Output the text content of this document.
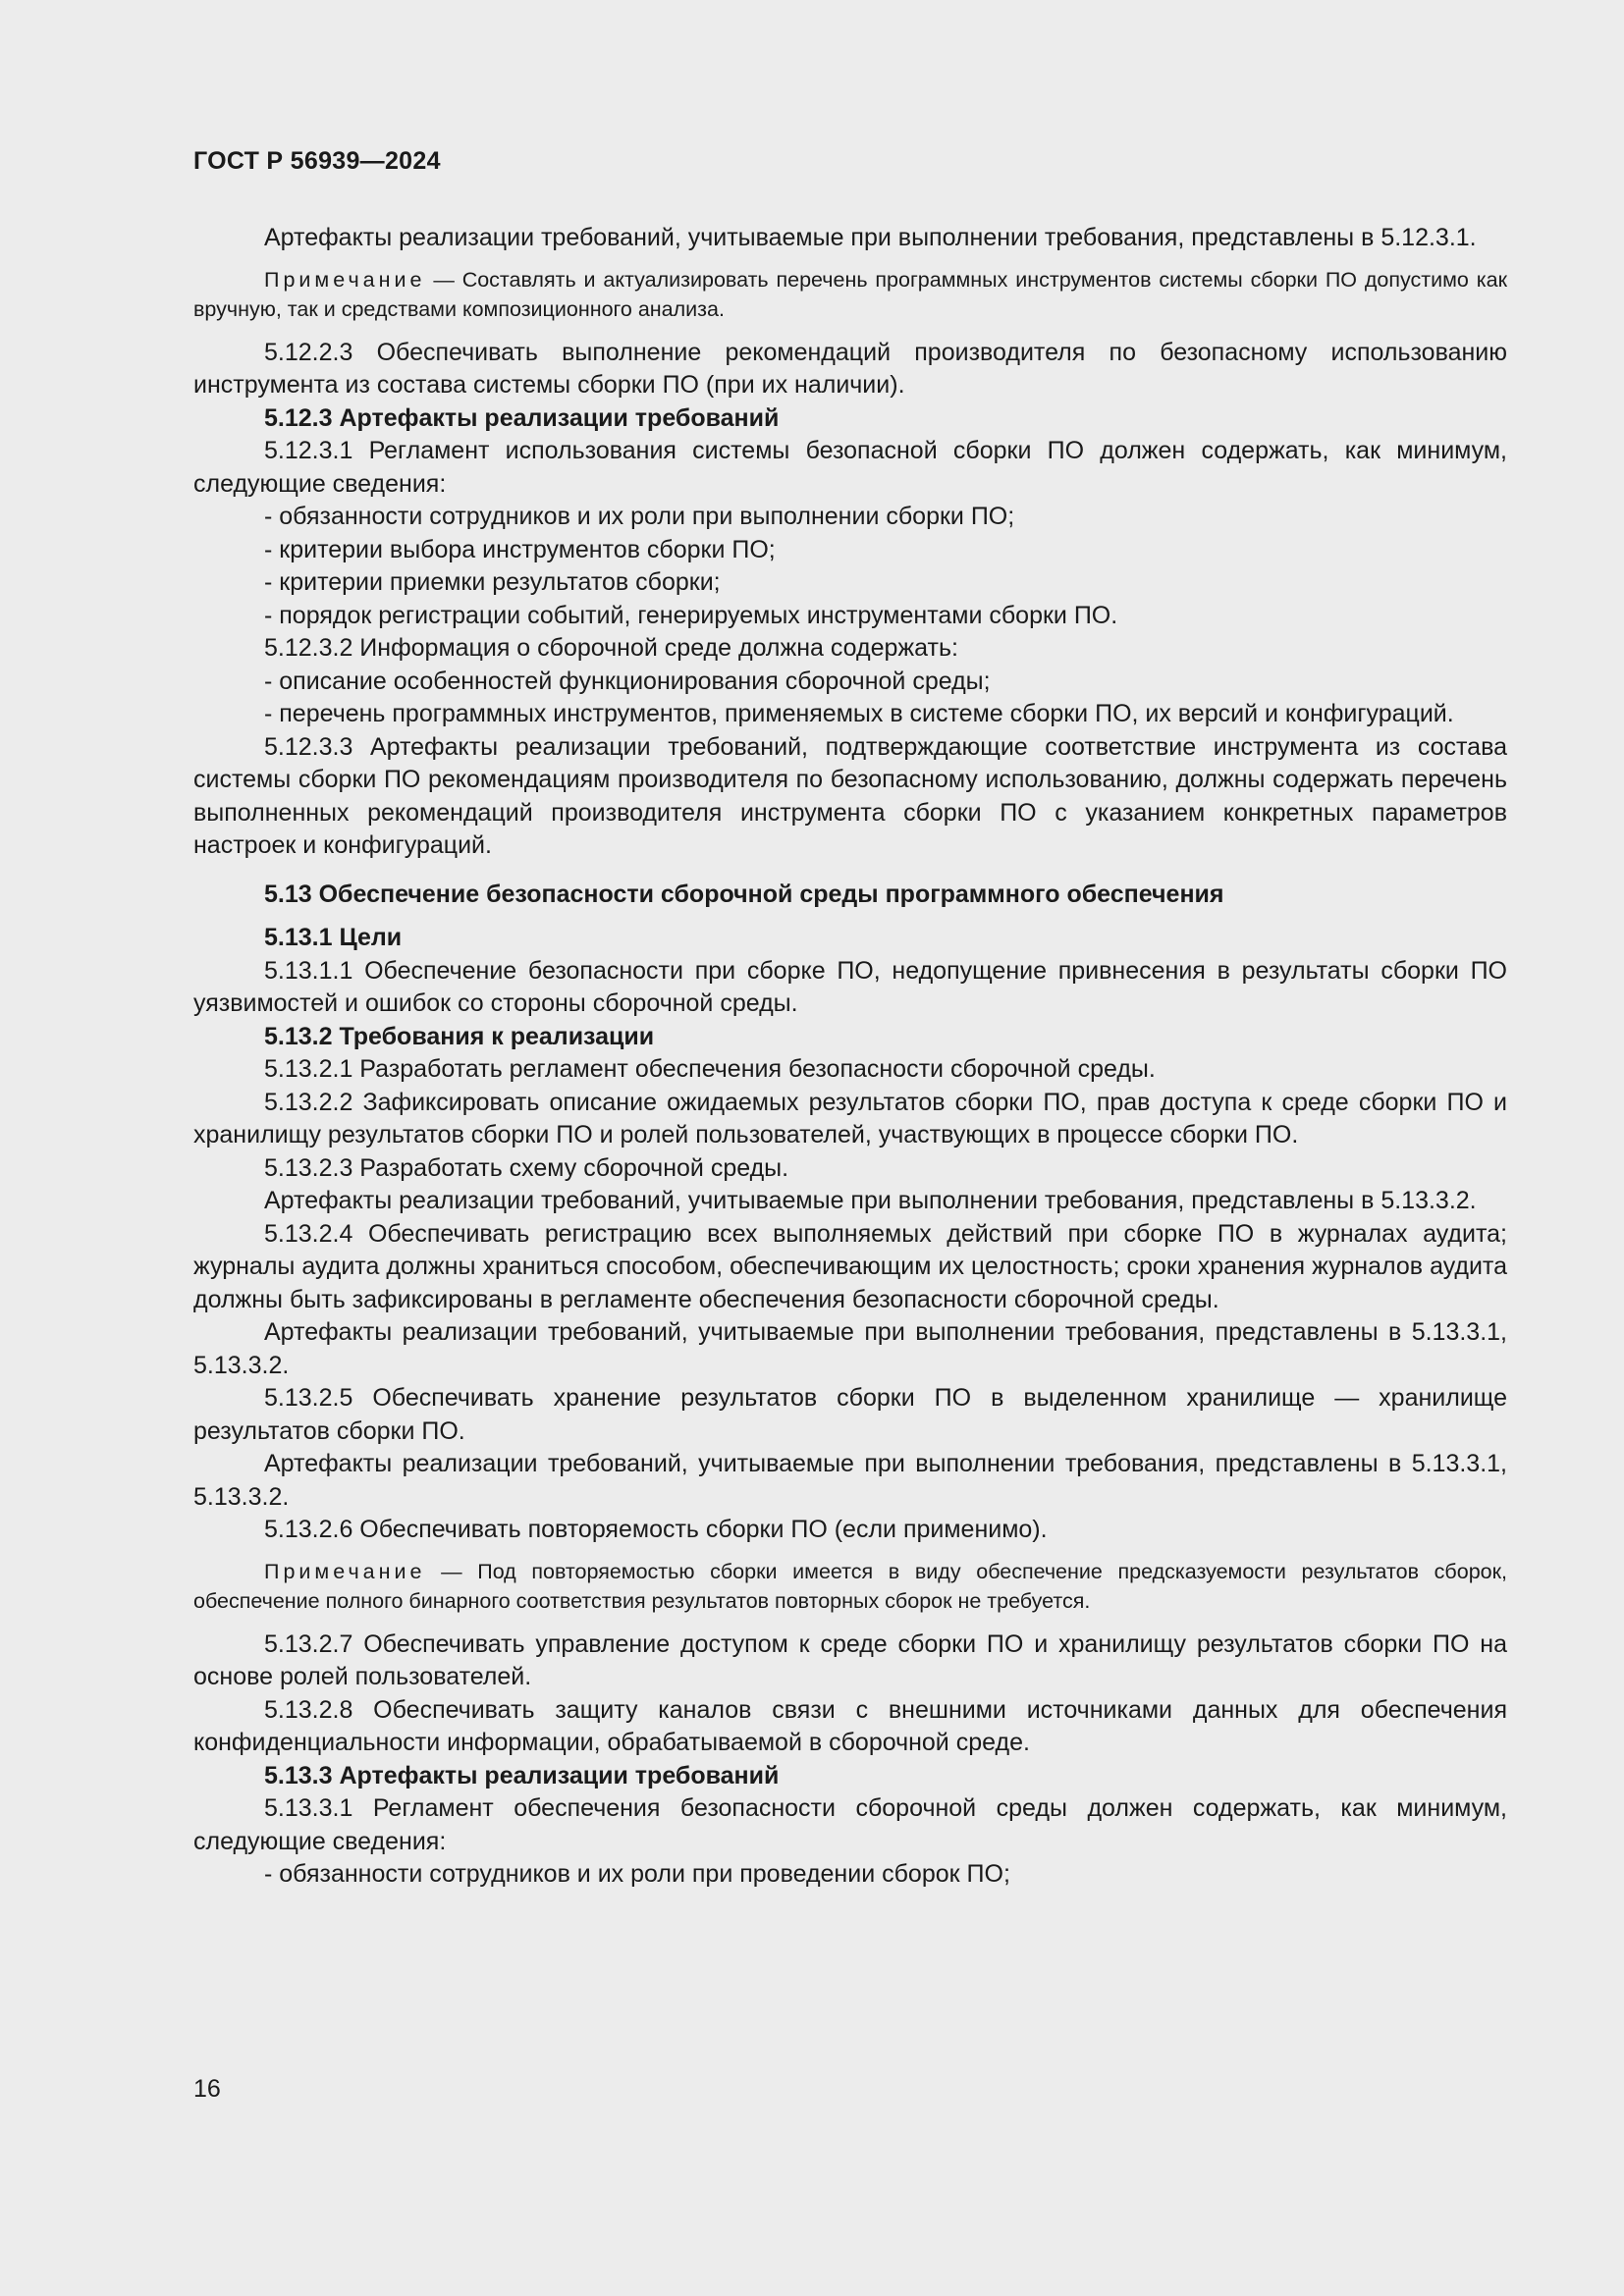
ГОСТ Р 56939—2024

Артефакты реализации требований, учитываемые при выполнении требования, представлены в 5.12.3.1.

Примечание — Составлять и актуализировать перечень программных инструментов системы сборки ПО допустимо как вручную, так и средствами композиционного анализа.

5.12.2.3 Обеспечивать выполнение рекомендаций производителя по безопасному использованию инструмента из состава системы сборки ПО (при их наличии).

5.12.3 Артефакты реализации требований

5.12.3.1 Регламент использования системы безопасной сборки ПО должен содержать, как минимум, следующие сведения:

- обязанности сотрудников и их роли при выполнении сборки ПО;

- критерии выбора инструментов сборки ПО;

- критерии приемки результатов сборки;

- порядок регистрации событий, генерируемых инструментами сборки ПО.

5.12.3.2 Информация о сборочной среде должна содержать:

- описание особенностей функционирования сборочной среды;

- перечень программных инструментов, применяемых в системе сборки ПО, их версий и конфигураций.

5.12.3.3 Артефакты реализации требований, подтверждающие соответствие инструмента из состава системы сборки ПО рекомендациям производителя по безопасному использованию, должны содержать перечень выполненных рекомендаций производителя инструмента сборки ПО с указанием конкретных параметров настроек и конфигураций.

5.13 Обеспечение безопасности сборочной среды программного обеспечения

5.13.1 Цели

5.13.1.1 Обеспечение безопасности при сборке ПО, недопущение привнесения в результаты сборки ПО уязвимостей и ошибок со стороны сборочной среды.

5.13.2 Требования к реализации

5.13.2.1 Разработать регламент обеспечения безопасности сборочной среды.

5.13.2.2 Зафиксировать описание ожидаемых результатов сборки ПО, прав доступа к среде сборки ПО и хранилищу результатов сборки ПО и ролей пользователей, участвующих в процессе сборки ПО.

5.13.2.3 Разработать схему сборочной среды.

Артефакты реализации требований, учитываемые при выполнении требования, представлены в 5.13.3.2.

5.13.2.4 Обеспечивать регистрацию всех выполняемых действий при сборке ПО в журналах аудита; журналы аудита должны храниться способом, обеспечивающим их целостность; сроки хранения журналов аудита должны быть зафиксированы в регламенте обеспечения безопасности сборочной среды.

Артефакты реализации требований, учитываемые при выполнении требования, представлены в 5.13.3.1, 5.13.3.2.

5.13.2.5 Обеспечивать хранение результатов сборки ПО в выделенном хранилище — хранилище результатов сборки ПО.

Артефакты реализации требований, учитываемые при выполнении требования, представлены в 5.13.3.1, 5.13.3.2.

5.13.2.6 Обеспечивать повторяемость сборки ПО (если применимо).

Примечание — Под повторяемостью сборки имеется в виду обеспечение предсказуемости результатов сборок, обеспечение полного бинарного соответствия результатов повторных сборок не требуется.

5.13.2.7 Обеспечивать управление доступом к среде сборки ПО и хранилищу результатов сборки ПО на основе ролей пользователей.

5.13.2.8 Обеспечивать защиту каналов связи с внешними источниками данных для обеспечения конфиденциальности информации, обрабатываемой в сборочной среде.

5.13.3 Артефакты реализации требований

5.13.3.1 Регламент обеспечения безопасности сборочной среды должен содержать, как минимум, следующие сведения:

- обязанности сотрудников и их роли при проведении сборок ПО;

16
